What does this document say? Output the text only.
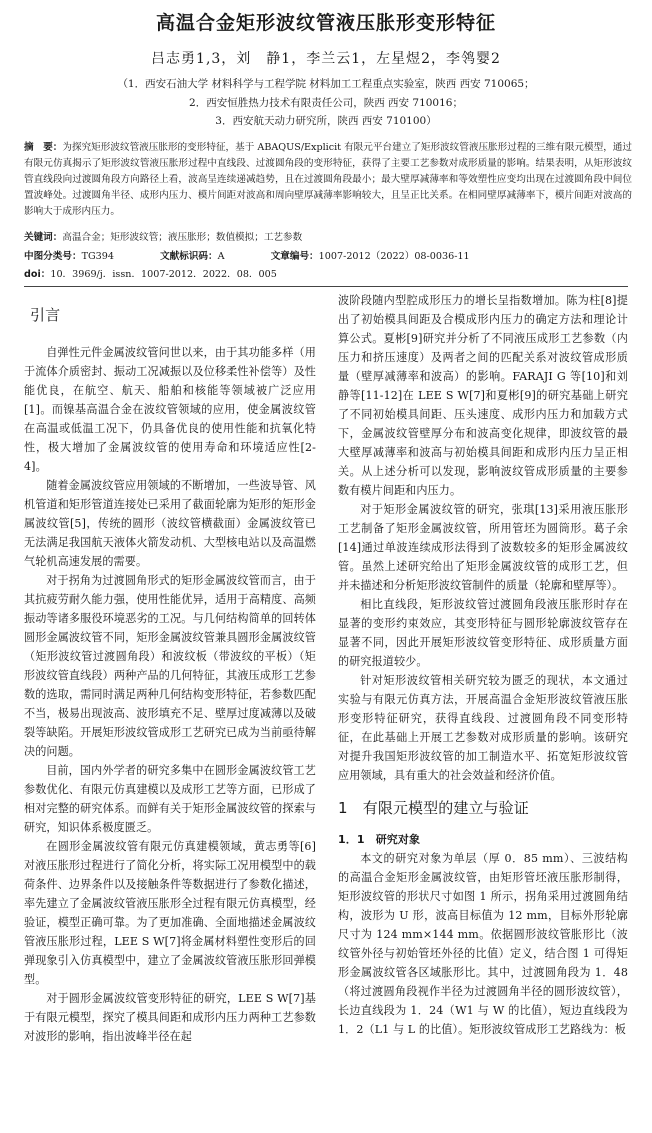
高温合金矩形波纹管液压胀形变形特征
吕志勇1,3，刘　静1，李兰云1，左星煜2，李鸰婴2
（1．西安石油大学 材料科学与工程学院 材料加工工程重点实验室，陕西 西安 710065；
2．西安恒胜热力技术有限责任公司，陕西 西安 710016；
3．西安航天动力研究所，陕西 西安 710100）
摘　要：为探究矩形波纹管液压胀形的变形特征，基于 ABAQUS/Explicit 有限元平台建立了矩形波纹管液压胀形过程的三维有限元模型，通过有限元仿真揭示了矩形波纹管液压胀形过程中直线段、过渡圆角段的变形特征，获得了主要工艺参数对成形质量的影响。结果表明，从矩形波纹管直线段向过渡圆角段方向路径上看，波高呈连续递减趋势，且在过渡圆角段最小；最大壁厚减薄率和等效塑性应变均出现在过渡圆角段中间位置波峰处。过渡圆角半径、成形内压力、模片间距对波高和周向壁厚减薄率影响较大，且呈正比关系。在相同壁厚减薄率下，模片间距对波高的影响大于成形内压力。
关键词：高温合金；矩形波纹管；液压胀形；数值模拟；工艺参数
中图分类号：TG394	文献标识码：A	文章编号：1007-2012（2022）08-0036-11
doi：10．3969/j．issn．1007-2012．2022．08．005

引言

自弹性元件金属波纹管问世以来，由于其功能多样（用于流体介质密封、振动工况减振以及位移柔性补偿等）及性能优良，在航空、航天、船舶和核能等领域被广泛应用[1]。而镍基高温合金在波纹管领域的应用，使金属波纹管在高温或低温工况下，仍具备优良的使用性能和抗氧化特性，极大增加了金属波纹管的使用寿命和环境适应性[2-4]。

随着金属波纹管应用领域的不断增加，一些波导管、风机管道和矩形管道连接处已采用了截面轮廓为矩形的矩形金属波纹管[5]，传统的圆形（波纹管横截面）金属波纹管已无法满足我国航天液体火箭发动机、大型核电站以及高温燃气轮机高速发展的需要。

对于拐角为过渡圆角形式的矩形金属波纹管而言，由于其抗疲劳耐久能力强，使用性能优异，适用于高精度、高频振动等诸多服役环境恶劣的工况。与几何结构简单的回转体圆形金属波纹管不同，矩形金属波纹管兼具圆形金属波纹管（矩形波纹管过渡圆角段）和波纹板（带波纹的平板）（矩形波纹管直线段）两种产品的几何特征，其液压成形工艺参数的选取，需同时满足两种几何结构变形特征，若参数匹配不当，极易出现波高、波形填充不足、壁厚过度减薄以及破裂等缺陷。开展矩形波纹管成形工艺研究已成为当前亟待解决的问题。

目前，国内外学者的研究多集中在圆形金属波纹管工艺参数优化、有限元仿真建模以及成形工艺等方面，已形成了相对完整的研究体系。而鲜有关于矩形金属波纹管的探索与研究，知识体系极度匮乏。

在圆形金属波纹管有限元仿真建模领域，黄志勇等[6]对液压胀形过程进行了简化分析，将实际工况用模型中的载荷条件、边界条件以及接触条件等数据进行了参数化描述，率先建立了金属波纹管液压胀形全过程有限元仿真模型，经验证，模型正确可靠。为了更加准确、全面地描述金属波纹管液压胀形过程，LEE S W[7]将金属材料塑性变形后的回弹现象引入仿真模型中，建立了金属波纹管液压胀形回弹模型。

对于圆形金属波纹管变形特征的研究，LEE S W[7]基于有限元模型，探究了模具间距和成形内压力两种工艺参数对波形的影响，指出波峰半径在起

波阶段随内型腔成形压力的增长呈指数增加。陈为柱[8]提出了初始模具间距及合模成形内压力的确定方法和理论计算公式。夏彬[9]研究并分析了不同液压成形工艺参数（内压力和挤压速度）及两者之间的匹配关系对波纹管成形质量（壁厚减薄率和波高）的影响。FARAJI G 等[10]和刘静等[11-12]在 LEE S W[7]和夏彬[9]的研究基础上研究了不同初始模具间距、压头速度、成形内压力和加载方式下，金属波纹管壁厚分布和波高变化规律，即波纹管的最大壁厚减薄率和波高与初始模具间距和成形内压力呈正相关。从上述分析可以发现，影响波纹管成形质量的主要参数有模片间距和内压力。

对于矩形金属波纹管的研究，张琪[13]采用液压胀形工艺制备了矩形金属波纹管，所用管坯为圆筒形。葛子余[14]通过单波连续成形法得到了波数较多的矩形金属波纹管。虽然上述研究给出了矩形金属波纹管的成形工艺，但并未描述和分析矩形波纹管制件的质量（轮廓和壁厚等）。

相比直线段，矩形波纹管过渡圆角段液压胀形时存在显著的变形约束效应，其变形特征与圆形轮廓波纹管存在显著不同，因此开展矩形波纹管变形特征、成形质量方面的研究报道较少。

针对矩形波纹管相关研究较为匮乏的现状，本文通过实验与有限元仿真方法，开展高温合金矩形波纹管液压胀形变形特征研究，获得直线段、过渡圆角段不同变形特征，在此基础上开展工艺参数对成形质量的影响。该研究对提升我国矩形波纹管的加工制造水平、拓宽矩形波纹管应用领域，具有重大的社会效益和经济价值。

1　有限元模型的建立与验证

1．1　研究对象

本文的研究对象为单层（厚 0．85 mm）、三波结构的高温合金矩形金属波纹管，由矩形管坯液压胀形制得，矩形波纹管的形状尺寸如图 1 所示，拐角采用过渡圆角结构，波形为 U 形，波高目标值为 12 mm，目标外形轮廓尺寸为 124 mm×144 mm。依据圆形波纹管胀形比（波纹管外径与初始管坯外径的比值）定义，结合图 1 可得矩形金属波纹管各区域胀形比。其中，过渡圆角段为 1．48（将过渡圆角段视作半径为过渡圆角半径的圆形波纹管），长边直线段为 1．24（W1 与 W 的比值），短边直线段为 1．2（L1 与 L 的比值）。矩形波纹管成形工艺路线为：板
